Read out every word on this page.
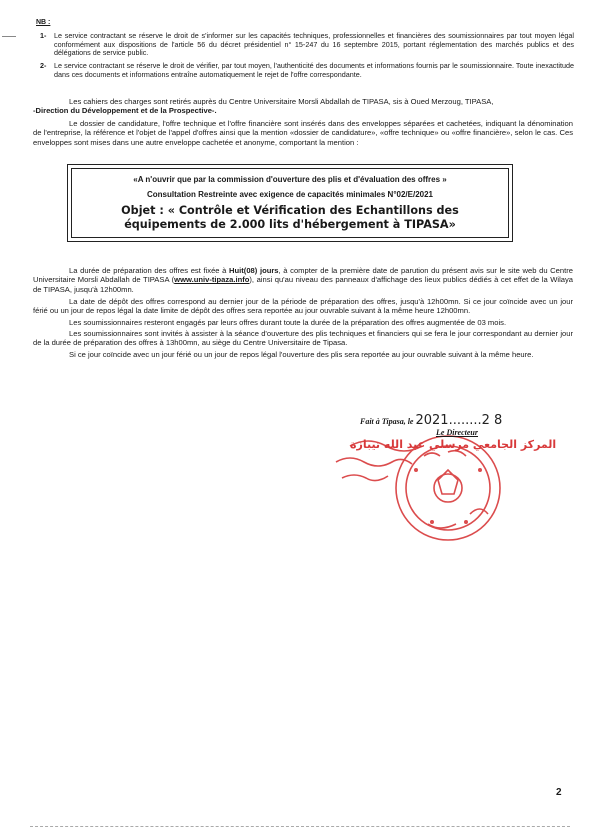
NB :
1- Le service contractant se réserve le droit de s'informer sur les capacités techniques, professionnelles et financières des soumissionnaires par tout moyen légal conformément aux dispositions de l'article 56 du décret présidentiel n° 15-247 du 16 septembre 2015, portant réglementation des marchés publics et des délégations de service public.
2- Le service contractant se réserve le droit de vérifier, par tout moyen, l'authenticité des documents et informations fournis par le soumissionnaire. Toute inexactitude dans ces documents et informations entraîne automatiquement le rejet de l'offre correspondante.
Les cahiers des charges sont retirés auprès du Centre Universitaire Morsli Abdallah de TIPASA, sis à Oued Merzoug, TIPASA,
-Direction du Développement et de la Prospective-.
Le dossier de candidature, l'offre technique et l'offre financière sont insérés dans des enveloppes séparées et cachetées, indiquant la dénomination de l'entreprise, la référence et l'objet de l'appel d'offres ainsi que la mention «dossier de candidature», «offre technique» ou «offre financière», selon le cas. Ces enveloppes sont mises dans une autre enveloppe cachetée et anonyme, comportant la mention :
«A n'ouvrir que par la commission d'ouverture des plis et d'évaluation des offres »
Consultation Restreinte avec exigence de capacités minimales N°02/E/2021
Objet : « Contrôle et Vérification des Echantillons des
équipements de 2.000 lits d'hébergement à TIPASA»
La durée de préparation des offres est fixée à Huit(08) jours, à compter de la première date de parution du présent avis sur le site web du Centre Universitaire Morsli Abdallah de TIPASA (www.univ-tipaza.info), ainsi qu'au niveau des panneaux d'affichage des lieux publics dédiés à cet effet de la Wilaya de TIPASA, jusqu'à 12h00mn.
La date de dépôt des offres correspond au dernier jour de la période de préparation des offres, jusqu'à 12h00mn. Si ce jour coïncide avec un jour férié ou un jour de repos légal la date limite de dépôt des offres sera reportée au jour ouvrable suivant à la même heure 12h00mn.
Les soumissionnaires resteront engagés par leurs offres durant toute la durée de la préparation des offres augmentée de 03 mois.
Les soumissionnaires sont invités à assister à la séance d'ouverture des plis techniques et financiers qui se fera le jour correspondant au dernier jour de la durée de préparation des offres à 13h00mn, au siège du Centre Universitaire de Tipasa.
Si ce jour coïncide avec un jour férié ou un jour de repos légal l'ouverture des plis sera reportée au jour ouvrable suivant à la même heure.
المركز الجامعي مرسلي عبد الله تيبازة
Fait à Tipasa, le 2021........2 8
Le Directeur
2
